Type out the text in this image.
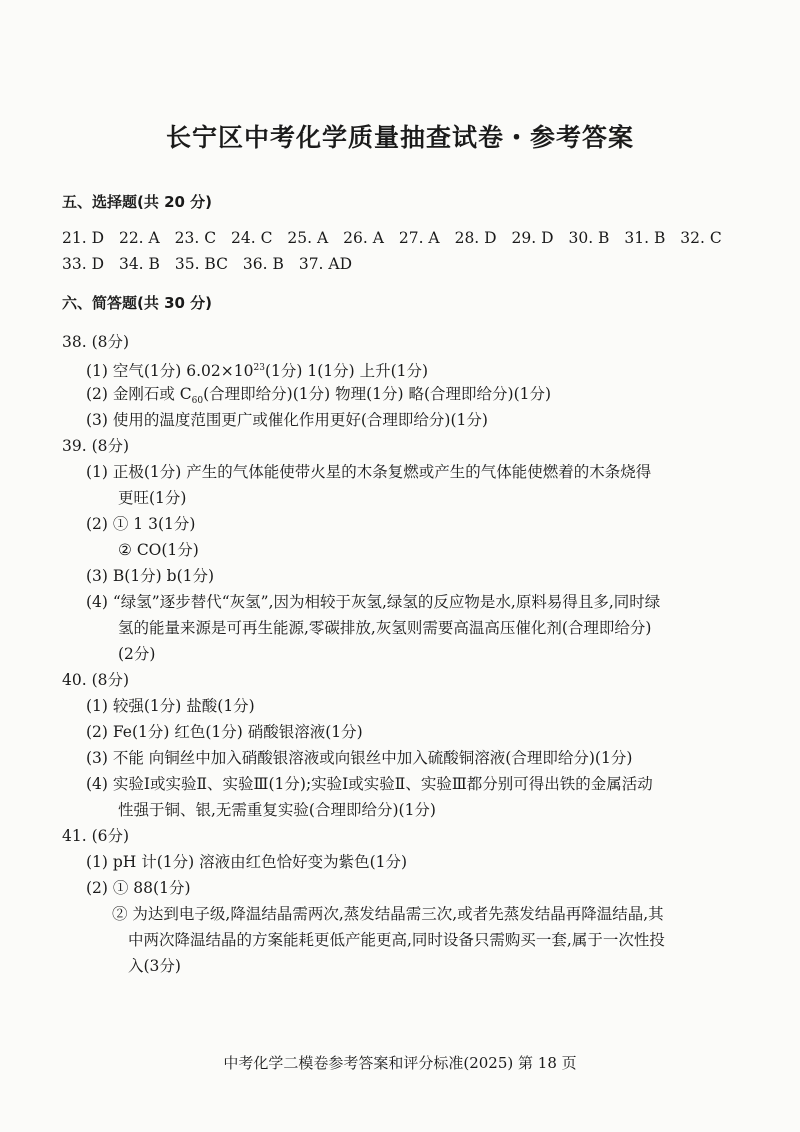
长宁区中考化学质量抽查试卷・参考答案
五、选择题(共 20 分)
21. D 22. A 23. C 24. C 25. A 26. A 27. A 28. D 29. D 30. B 31. B 32. C
33. D 34. B 35. BC 36. B 37. AD
六、简答题(共 30 分)
38. (8分)
(1) 空气(1分) $6.02\times 10^{23}(1$分) 1(1分) 上升(1分)
(2) 金刚石或 $C_{60}$(合理即给分)(1分) 物理(1分) 略(合理即给分)(1分)
(3) 使用的温度范围更广或催化作用更好(合理即给分)(1分)
39. (8分)
(1) 正极(1分) 产生的气体能使带火星的木条复燃或产生的气体能使燃着的木条烧得
更旺(1分)
(2) ① 1 3(1分)
② CO(1分)
(3) B(1分) b(1分)
(4) “绿氢”逐步替代“灰氢”,因为相较于灰氢,绿氢的反应物是水,原料易得且多,同时绿
氢的能量来源是可再生能源,零碳排放,灰氢则需要高温高压催化剂(合理即给分)
(2分)
40. (8分)
(1) 较强(1分) 盐酸(1分)
(2) Fe(1分) 红色(1分) 硝酸银溶液(1分)
(3) 不能 向铜丝中加入硝酸银溶液或向银丝中加入硫酸铜溶液(合理即给分)(1分)
(4) 实验Ⅰ或实验Ⅱ、实验Ⅲ(1分);实验Ⅰ或实验Ⅱ、实验Ⅲ都分别可得出铁的金属活动
性强于铜、银,无需重复实验(合理即给分)(1分)
41. (6分)
(1) pH 计(1分) 溶液由红色恰好变为紫色(1分)
(2) ① 88(1分)
② 为达到电子级,降温结晶需两次,蒸发结晶需三次,或者先蒸发结晶再降温结晶,其
中两次降温结晶的方案能耗更低产能更高,同时设备只需购买一套,属于一次性投
入(3分)
中考化学二模卷参考答案和评分标准(2025) 第 18 页
